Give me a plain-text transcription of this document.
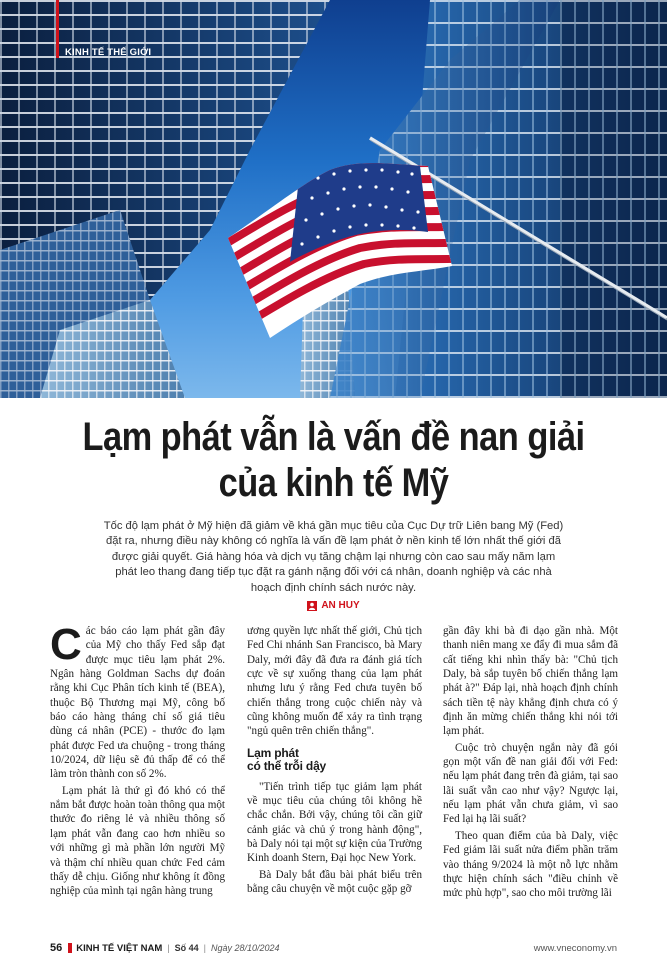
KINH TẾ THẾ GIỚI
Lạm phát vẫn là vấn đề nan giải
của kinh tế Mỹ

Tốc độ lạm phát ở Mỹ hiện đã giảm về khá gần mục tiêu của Cục Dự trữ Liên bang Mỹ (Fed) đặt ra, nhưng điều này không có nghĩa là vấn đề lạm phát ở nền kinh tế lớn nhất thế giới đã được giải quyết. Giá hàng hóa và dịch vụ tăng chậm lại nhưng còn cao sau mấy năm lạm phát leo thang đang tiếp tục đặt ra gánh nặng đối với cá nhân, doanh nghiệp và các nhà hoạch định chính sách nước này.

AN HUY

Các báo cáo lạm phát gần đây của Mỹ cho thấy Fed sắp đạt được mục tiêu lạm phát 2%. Ngân hàng Goldman Sachs dự đoán rằng khi Cục Phân tích kinh tế (BEA), thuộc Bộ Thương mại Mỹ, công bố báo cáo hàng tháng chỉ số giá tiêu dùng cá nhân (PCE) - thước đo lạm phát được Fed ưa chuộng - trong tháng 10/2024, dữ liệu sẽ đủ thấp để có thể làm tròn thành con số 2%.

Lạm phát là thứ gì đó khó có thể nắm bắt được hoàn toàn thông qua một thước đo riêng lẻ và nhiều thông số lạm phát vẫn đang cao hơn nhiều so với những gì mà phần lớn người Mỹ và thậm chí nhiều quan chức Fed cảm thấy dễ chịu. Giống như không ít đồng nghiệp của mình tại ngân hàng trung

ương quyền lực nhất thế giới, Chủ tịch Fed Chi nhánh San Francisco, bà Mary Daly, mới đây đã đưa ra đánh giá tích cực về sự xuống thang của lạm phát nhưng lưu ý rằng Fed chưa tuyên bố chiến thắng trong cuộc chiến này và cũng không muốn để xảy ra tình trạng "ngủ quên trên chiến thắng".

Lạm phát
có thể trỗi dậy

"Tiến trình tiếp tục giảm lạm phát về mục tiêu của chúng tôi không hề chắc chắn. Bởi vậy, chúng tôi cần giữ cảnh giác và chủ ý trong hành động", bà Daly nói tại một sự kiện của Trường Kinh doanh Stern, Đại học New York.

Bà Daly bắt đầu bài phát biểu trên bằng câu chuyện về một cuộc gặp gỡ

gần đây khi bà đi dạo gần nhà. Một thanh niên mang xe đẩy đi mua sắm đã cất tiếng khi nhìn thấy bà: "Chủ tịch Daly, bà sắp tuyên bố chiến thắng lạm phát à?" Đáp lại, nhà hoạch định chính sách tiền tệ này khẳng định chưa có ý định ăn mừng chiến thắng khi nói tới lạm phát.

Cuộc trò chuyện ngắn này đã gói gọn một vấn đề nan giải đối với Fed: nếu lạm phát đang trên đà giảm, tại sao lãi suất vẫn cao như vậy? Ngược lại, nếu lạm phát vẫn chưa giảm, vì sao Fed lại hạ lãi suất?

Theo quan điểm của bà Daly, việc Fed giảm lãi suất nửa điểm phần trăm vào tháng 9/2024 là một nỗ lực nhằm thực hiện chính sách "điều chỉnh về mức phù hợp", sao cho môi trường lãi

56 KINH TẾ VIỆT NAM | Số 44 | Ngày 28/10/2024	www.vneconomy.vn
